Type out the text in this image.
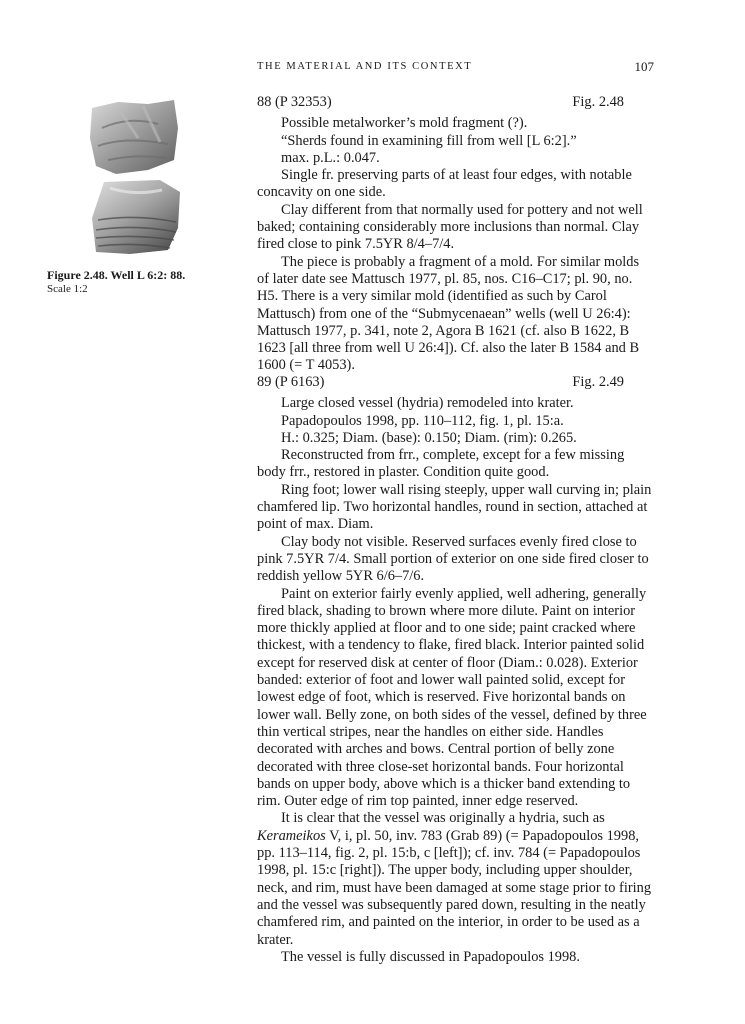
THE MATERIAL AND ITS CONTEXT	107
Figure 2.48. Well L 6:2: 88.
Scale 1:2
88 (P 32353)	Fig. 2.48

Possible metalworker’s mold fragment (?).

“Sherds found in examining fill from well [L 6:2].”

max. p.L.: 0.047.

Single fr. preserving parts of at least four edges, with notable concavity on one side.

Clay different from that normally used for pottery and not well baked; containing considerably more inclusions than normal. Clay fired close to pink 7.5YR 8/4–7/4.

The piece is probably a fragment of a mold. For similar molds of later date see Mattusch 1977, pl. 85, nos. C16–C17; pl. 90, no. H5. There is a very similar mold (identified as such by Carol Mattusch) from one of the “Submycenaean” wells (well U 26:4): Mattusch 1977, p. 341, note 2, Agora B 1621 (cf. also B 1622, B 1623 [all three from well U 26:4]). Cf. also the later B 1584 and B 1600 (= T 4053).

89 (P 6163)	Fig. 2.49

Large closed vessel (hydria) remodeled into krater.

Papadopoulos 1998, pp. 110–112, fig. 1, pl. 15:a.

H.: 0.325; Diam. (base): 0.150; Diam. (rim): 0.265.

Reconstructed from frr., complete, except for a few missing body frr., restored in plaster. Condition quite good.

Ring foot; lower wall rising steeply, upper wall curving in; plain chamfered lip. Two horizontal handles, round in section, attached at point of max. Diam.

Clay body not visible. Reserved surfaces evenly fired close to pink 7.5YR 7/4. Small portion of exterior on one side fired closer to reddish yellow 5YR 6/6–7/6.

Paint on exterior fairly evenly applied, well adhering, generally fired black, shading to brown where more dilute. Paint on interior more thickly applied at floor and to one side; paint cracked where thickest, with a tendency to flake, fired black. Interior painted solid except for reserved disk at center of floor (Diam.: 0.028). Exterior banded: exterior of foot and lower wall painted solid, except for lowest edge of foot, which is reserved. Five horizontal bands on lower wall. Belly zone, on both sides of the vessel, defined by three thin vertical stripes, near the handles on either side. Handles decorated with arches and bows. Central portion of belly zone decorated with three close-set horizontal bands. Four horizontal bands on upper body, above which is a thicker band extending to rim. Outer edge of rim top painted, inner edge reserved.

It is clear that the vessel was originally a hydria, such as Kerameikos V, i, pl. 50, inv. 783 (Grab 89) (= Papadopoulos 1998, pp. 113–114, fig. 2, pl. 15:b, c [left]); cf. inv. 784 (= Papadopoulos 1998, pl. 15:c [right]). The upper body, including upper shoulder, neck, and rim, must have been damaged at some stage prior to firing and the vessel was subsequently pared down, resulting in the neatly chamfered rim, and painted on the interior, in order to be used as a krater.

The vessel is fully discussed in Papadopoulos 1998.
